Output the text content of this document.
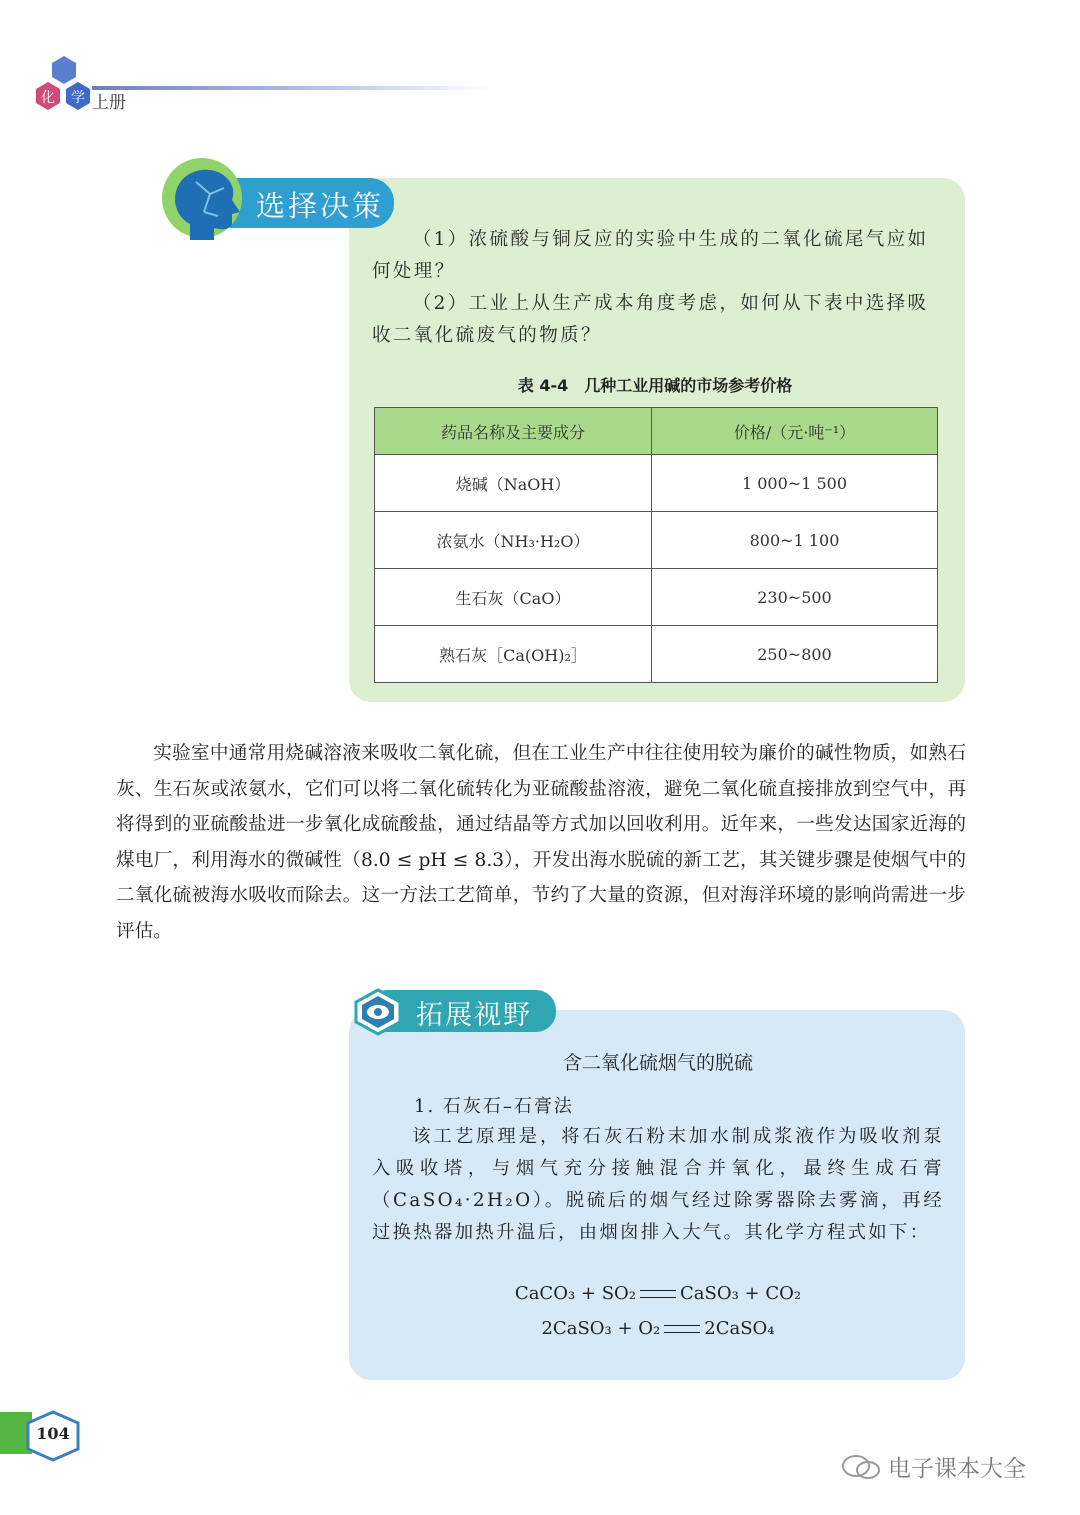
化 学 上册
选择决策
（1）浓硫酸与铜反应的实验中生成的二氧化硫尾气应如何处理？
（2）工业上从生产成本角度考虑，如何从下表中选择吸收二氧化硫废气的物质？
表 4-4　几种工业用碱的市场参考价格
药品名称及主要成分	价格/（元·吨⁻¹）
烧碱（NaOH）	1 000~1 500
浓氨水（NH₃·H₂O）	800~1 100
生石灰（CaO）	230~500
熟石灰［Ca(OH)₂］	250~800
实验室中通常用烧碱溶液来吸收二氧化硫，但在工业生产中往往使用较为廉价的碱性物质，如熟石灰、生石灰或浓氨水，它们可以将二氧化硫转化为亚硫酸盐溶液，避免二氧化硫直接排放到空气中，再将得到的亚硫酸盐进一步氧化成硫酸盐，通过结晶等方式加以回收利用。近年来，一些发达国家近海的煤电厂，利用海水的微碱性（8.0 ≤ pH ≤ 8.3），开发出海水脱硫的新工艺，其关键步骤是使烟气中的二氧化硫被海水吸收而除去。这一方法工艺简单，节约了大量的资源，但对海洋环境的影响尚需进一步评估。
拓展视野
含二氧化硫烟气的脱硫
1. 石灰石–石膏法
该工艺原理是，将石灰石粉末加水制成浆液作为吸收剂泵入吸收塔，与烟气充分接触混合并氧化，最终生成石膏（CaSO₄·2H₂O）。脱硫后的烟气经过除雾器除去雾滴，再经过换热器加热升温后，由烟囱排入大气。其化学方程式如下：
CaCO₃ + SO₂ CaSO₃ + CO₂
2CaSO₃ + O₂ 2CaSO₄
104
电子课本大全
